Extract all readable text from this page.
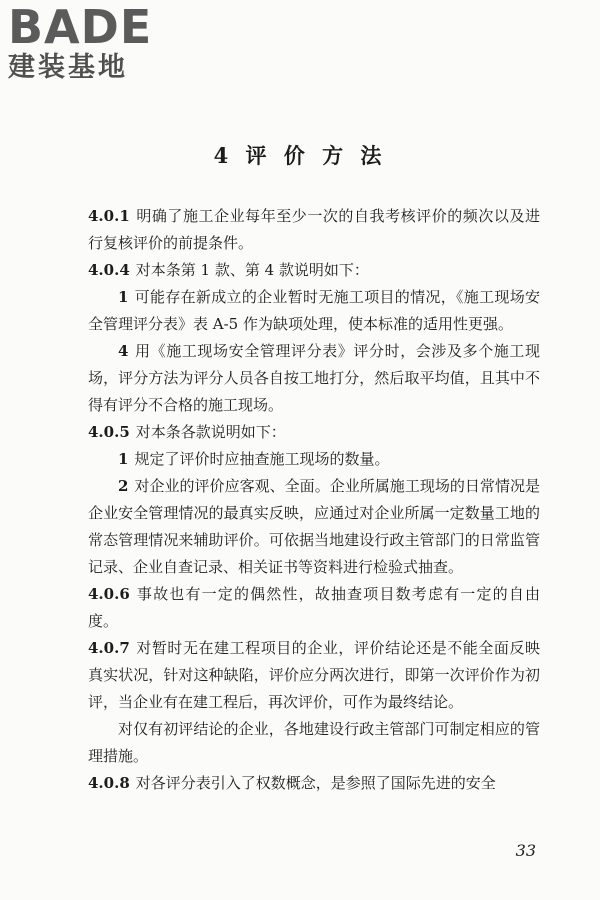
BADE
建装基地
4 评 价 方 法

4.0.1 明确了施工企业每年至少一次的自我考核评价的频次以及进行复核评价的前提条件。

4.0.4 对本条第 1 款、第 4 款说明如下：

1 可能存在新成立的企业暂时无施工项目的情况，《施工现场安全管理评分表》表 A-5 作为缺项处理，使本标准的适用性更强。

4 用《施工现场安全管理评分表》评分时，会涉及多个施工现场，评分方法为评分人员各自按工地打分，然后取平均值，且其中不得有评分不合格的施工现场。

4.0.5 对本条各款说明如下：

1 规定了评价时应抽查施工现场的数量。

2 对企业的评价应客观、全面。企业所属施工现场的日常情况是企业安全管理情况的最真实反映，应通过对企业所属一定数量工地的常态管理情况来辅助评价。可依据当地建设行政主管部门的日常监管记录、企业自查记录、相关证书等资料进行检验式抽查。

4.0.6 事故也有一定的偶然性，故抽查项目数考虑有一定的自由度。

4.0.7 对暂时无在建工程项目的企业，评价结论还是不能全面反映真实状况，针对这种缺陷，评价应分两次进行，即第一次评价作为初评，当企业有在建工程后，再次评价，可作为最终结论。

对仅有初评结论的企业，各地建设行政主管部门可制定相应的管理措施。

4.0.8 对各评分表引入了权数概念，是参照了国际先进的安全

33
